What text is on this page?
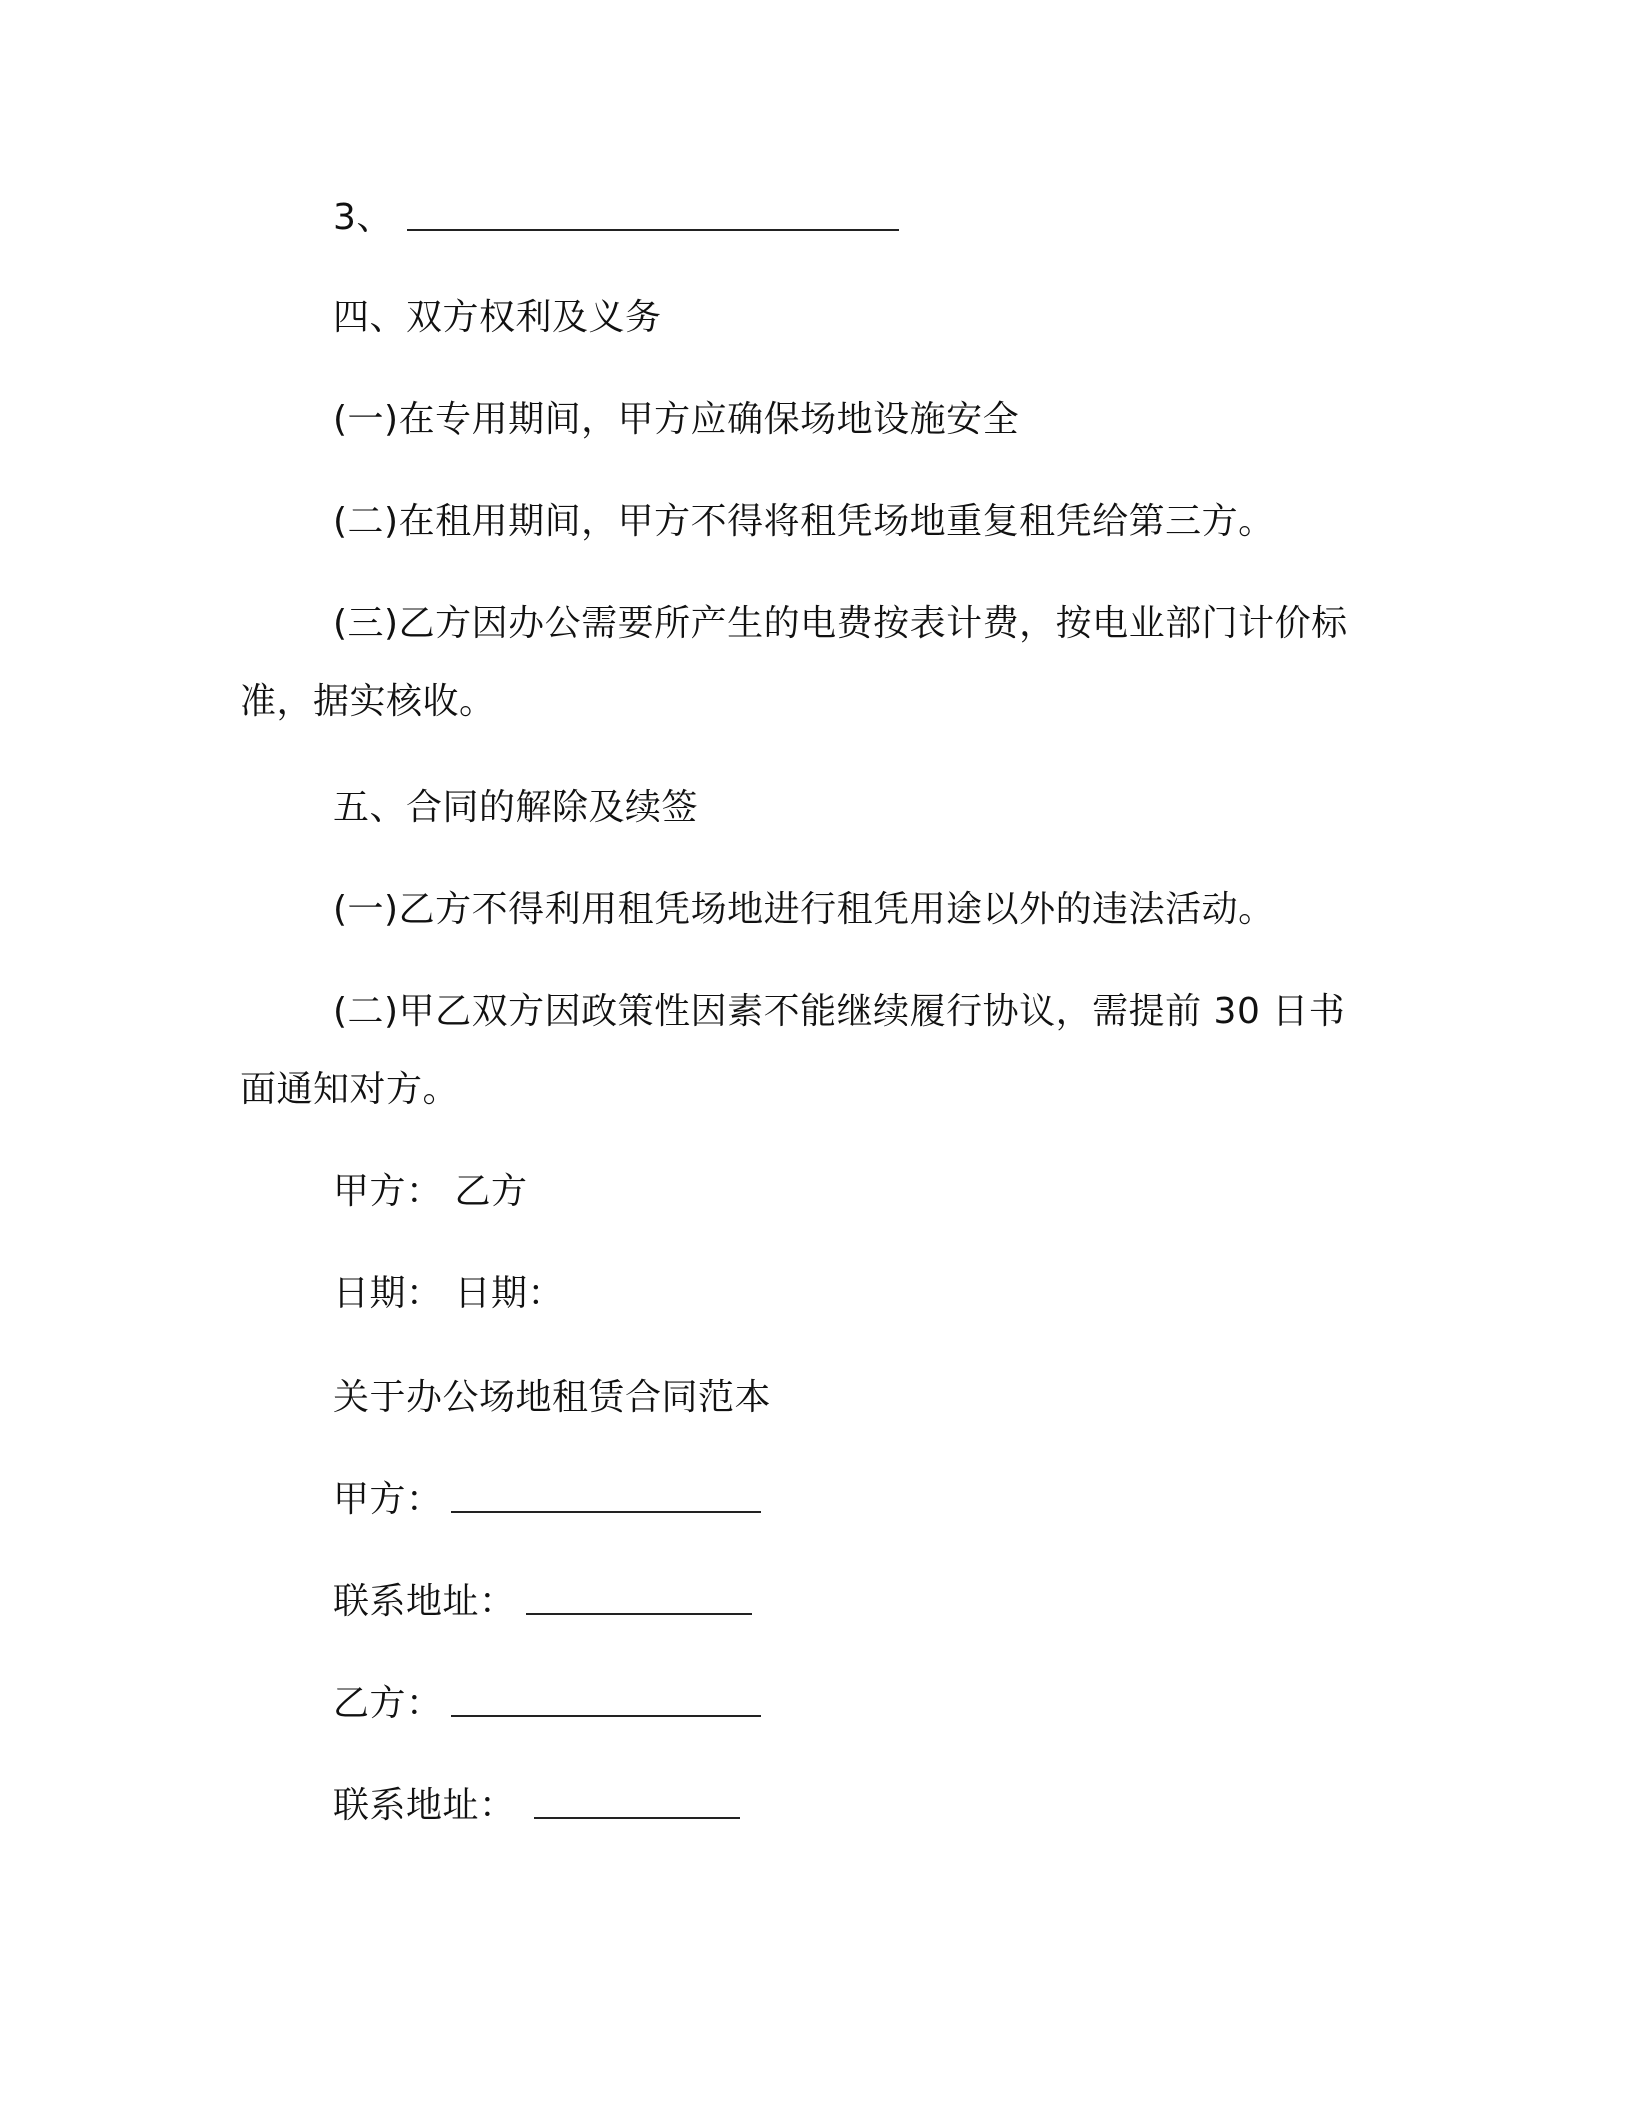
3、
四、双方权利及义务
(一)在专用期间，甲方应确保场地设施安全
(二)在租用期间，甲方不得将租凭场地重复租凭给第三方。
(三)乙方因办公需要所产生的电费按表计费，按电业部门计价标
准，据实核收。
五、合同的解除及续签
(一)乙方不得利用租凭场地进行租凭用途以外的违法活动。
(二)甲乙双方因政策性因素不能继续履行协议，需提前 30 日书
面通知对方。
甲方： 乙方
日期： 日期：
关于办公场地租赁合同范本
甲方：
联系地址：
乙方：
联系地址：
